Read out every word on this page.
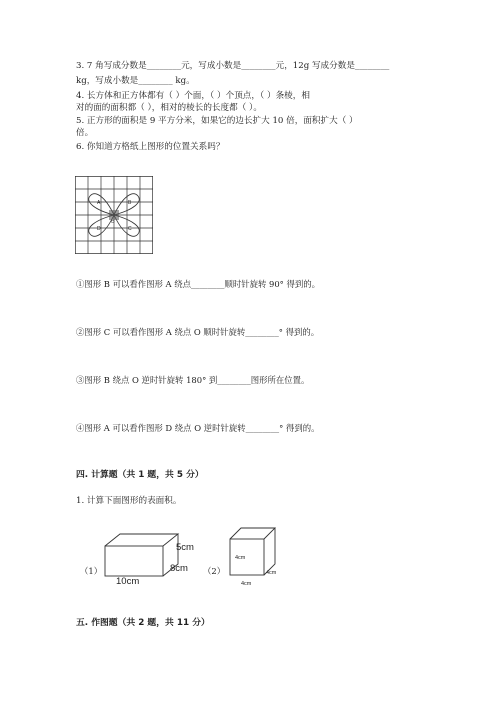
3. 7 角写成分数是________元，写成小数是________元，12g 写成分数是________
kg，写成小数是________ kg。
4. 长方体和正方体都有（ ）个面，（ ）个顶点，（ ）条棱，相
对的面的面积都（ ），相对的棱长的长度都（ ）。
5. 正方形的面积是 9 平方分米，如果它的边长扩大 10 倍，面积扩大（ ）
倍。
6. 你知道方格纸上图形的位置关系吗？
A	B
C
D
O
①图形 B 可以看作图形 A 绕点________顺时针旋转 90° 得到的。
②图形 C 可以看作图形 A 绕点 O 顺时针旋转________° 得到的。
③图形 B 绕点 O 逆时针旋转 180° 到________图形所在位置。
④图形 A 可以看作图形 D 绕点 O 逆时针旋转________° 得到的。
四. 计算题（共 1 题，共 5 分）
1. 计算下面图形的表面积。
（1）
5cm
8cm
10cm
（2）
4cm
4cm
4cm
五. 作图题（共 2 题，共 11 分）
